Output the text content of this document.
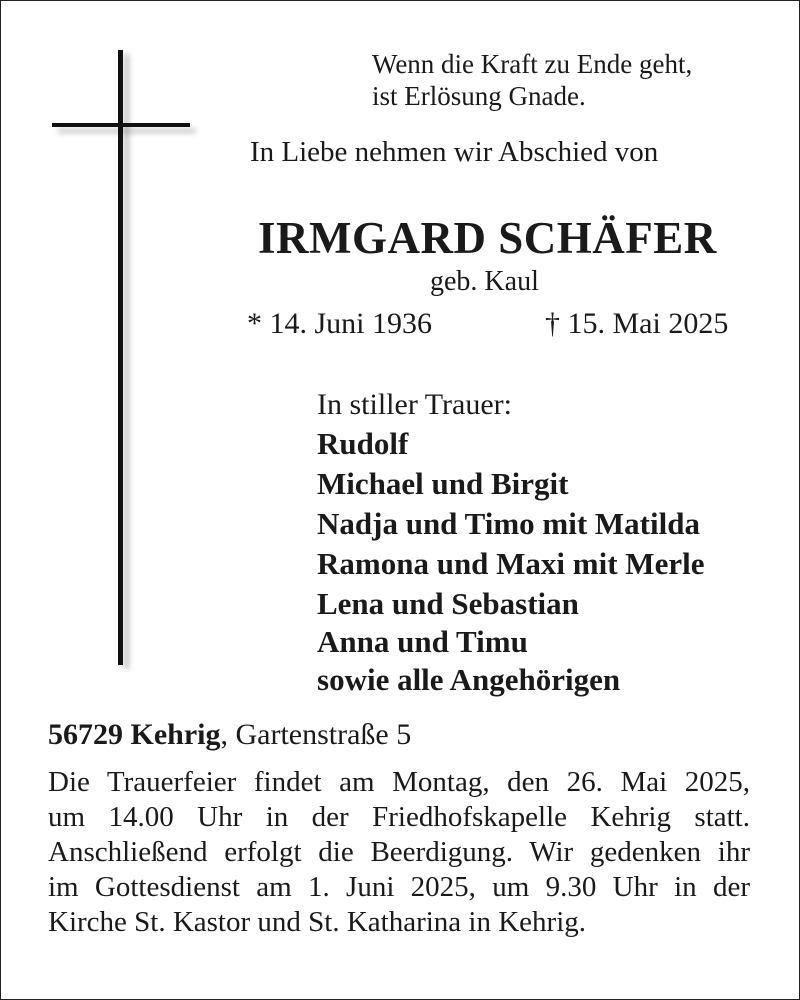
Wenn die Kraft zu Ende geht,
ist Erlösung Gnade.
In Liebe nehmen wir Abschied von
IRMGARD SCHÄFER
geb. Kaul
* 14. Juni 1936	† 15. Mai 2025
In stiller Trauer:
Rudolf
Michael und Birgit
Nadja und Timo mit Matilda
Ramona und Maxi mit Merle
Lena und Sebastian
Anna und Timu
sowie alle Angehörigen
56729 Kehrig, Gartenstraße 5
Die Trauerfeier findet am Montag, den 26. Mai 2025,
um 14.00 Uhr in der Friedhofskapelle Kehrig statt.
Anschließend erfolgt die Beerdigung. Wir gedenken ihr
im Gottesdienst am 1. Juni 2025, um 9.30 Uhr in der
Kirche St. Kastor und St. Katharina in Kehrig.
